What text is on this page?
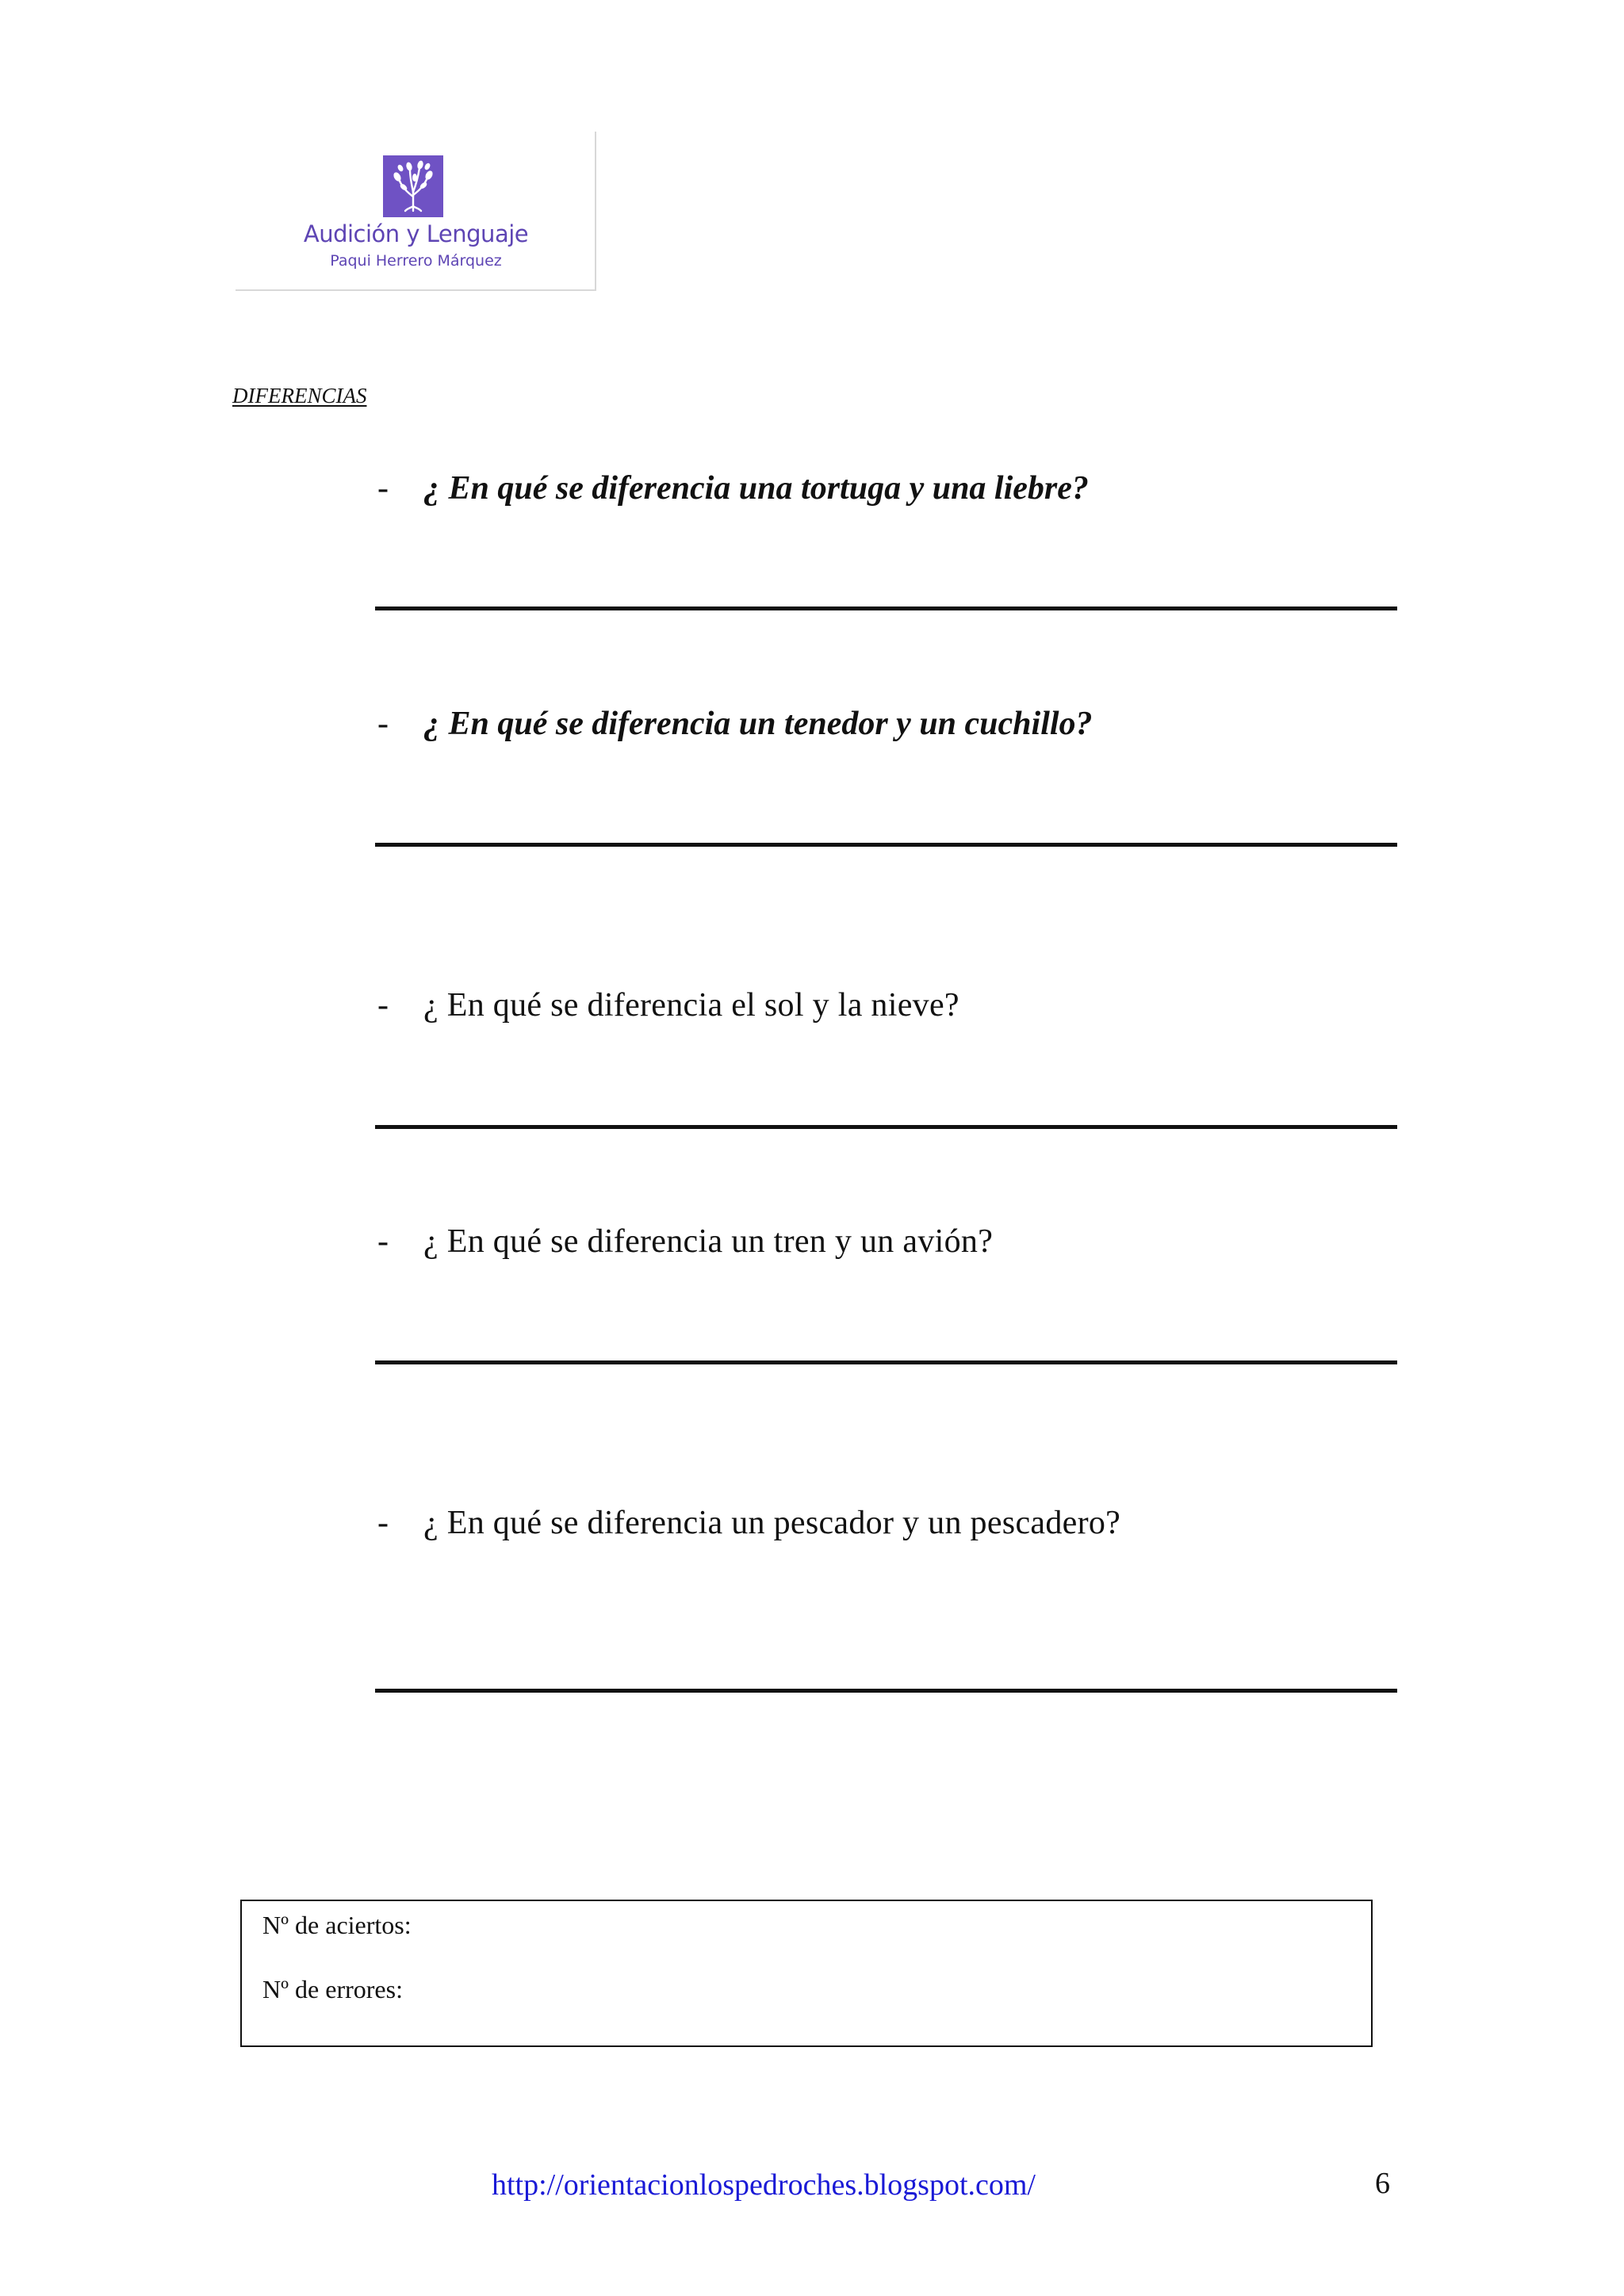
Audición y Lenguaje
Paqui Herrero Márquez
DIFERENCIAS
- ¿ En qué se diferencia una tortuga y una liebre?
- ¿ En qué se diferencia un tenedor y un cuchillo?
- ¿ En qué se diferencia el sol y la nieve?
- ¿ En qué se diferencia un tren y un avión?
- ¿ En qué se diferencia un pescador y un pescadero?
Nº de aciertos:
Nº de errores:
http://orientacionlospedroches.blogspot.com/	6
